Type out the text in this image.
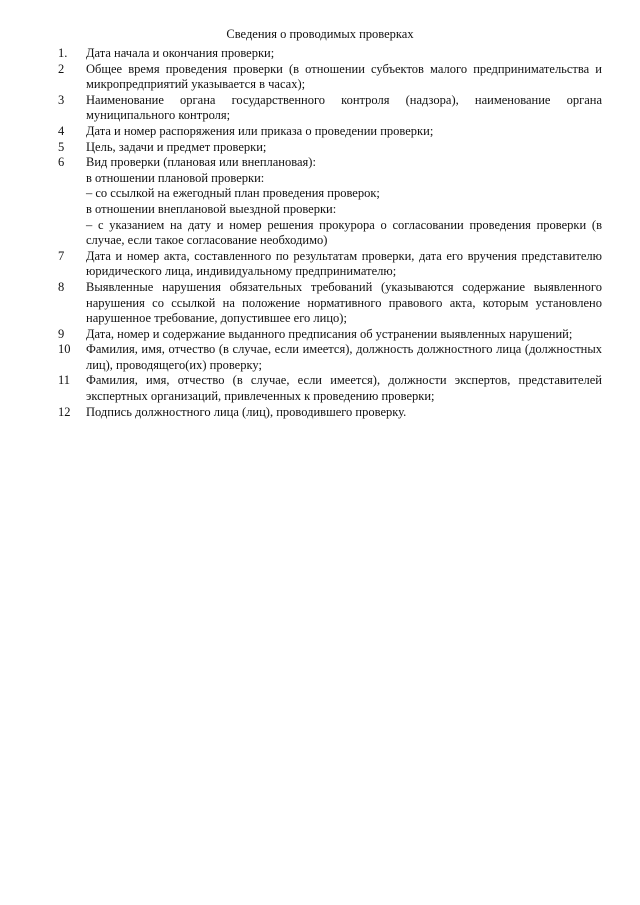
Сведения о проводимых проверках
1.	Дата начала и окончания проверки;
2	Общее время проведения проверки (в отношении субъектов малого предпринимательства и микропредприятий указывается в часах);
3	Наименование органа государственного контроля (надзора), наименование органа муниципального контроля;
4	Дата и номер распоряжения или приказа о проведении проверки;
5	Цель, задачи и предмет проверки;
6	Вид проверки (плановая или внеплановая):
в отношении плановой проверки:
– со ссылкой на ежегодный план проведения проверок;
в отношении внеплановой выездной проверки:
– с указанием на дату и номер решения прокурора о согласовании проведения проверки (в случае, если такое согласование необходимо)
7	Дата и номер акта, составленного по результатам проверки, дата его вручения представителю юридического лица, индивидуальному предпринимателю;
8	Выявленные нарушения обязательных требований (указываются содержание выявленного нарушения со ссылкой на положение нормативного правового акта, которым установлено нарушенное требование, допустившее его лицо);
9	Дата, номер и содержание выданного предписания об устранении выявленных нарушений;
10	Фамилия, имя, отчество (в случае, если имеется), должность должностного лица (должностных лиц), проводящего(их) проверку;
11	Фамилия, имя, отчество (в случае, если имеется), должности экспертов, представителей экспертных организаций, привлеченных к проведению проверки;
12	Подпись должностного лица (лиц), проводившего проверку.
